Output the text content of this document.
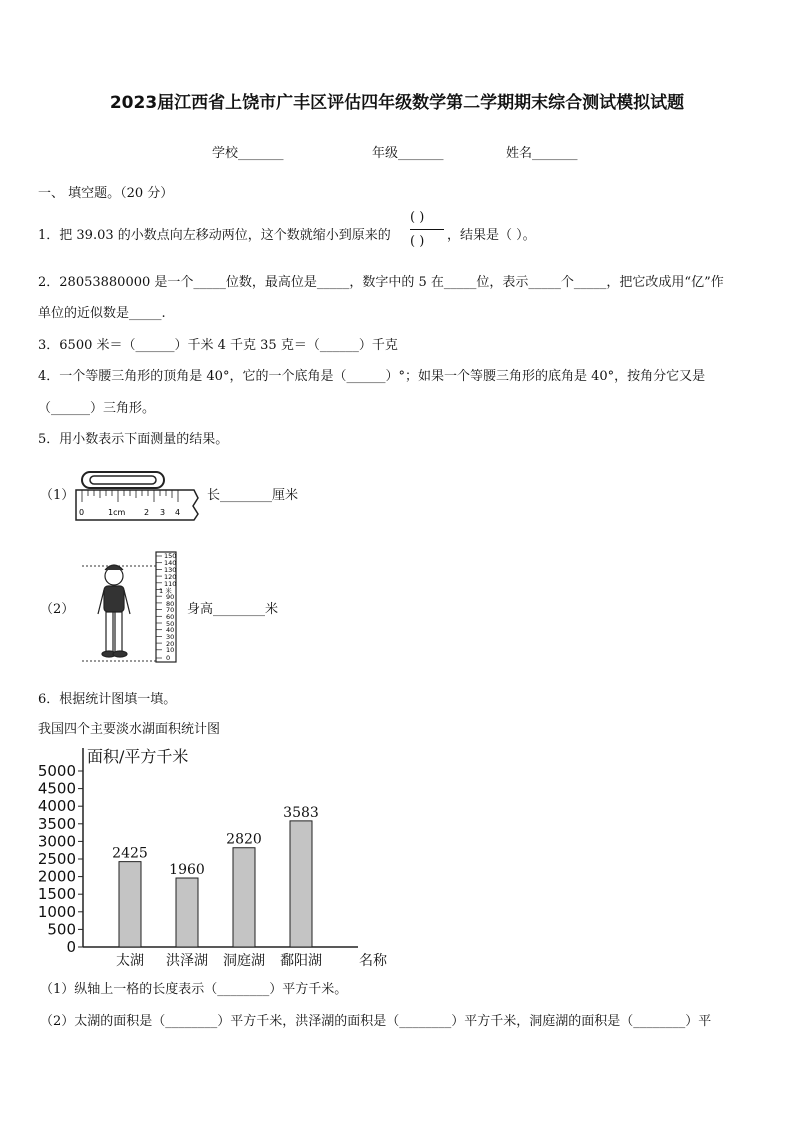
2023届江西省上饶市广丰区评估四年级数学第二学期期末综合测试模拟试题
学校_______	年级_______	姓名_______
一、 填空题。（20 分）
1．把 39.03 的小数点向左移动两位，这个数就缩小到原来的
( )
( ) ，结果是（ ）。
2．28053880000 是一个_____位数，最高位是_____，数字中的 5 在_____位，表示_____个_____，把它改成用“亿”作
单位的近似数是_____.
3．6500 米＝（______）千米 4 千克 35 克＝（______）千克
4．一个等腰三角形的顶角是 40°，它的一个底角是（______）°；如果一个等腰三角形的底角是 40°，按角分它又是
（______）三角形。
5．用小数表示下面测量的结果。
（1）
0	1cm 2 3 4
长________厘米
（2）
150
140
130
120
110
1 米
90
80
70
60
50
40
30
20
10
0
身高________米
6．根据统计图填一填。
我国四个主要淡水湖面积统计图
面积/平方千米
0
500
1000
1500
2000
2500
3000
3500
4000
4500
5000
2425
太湖
1960
洪泽湖
2820
洞庭湖
3583
鄱阳湖	名称
（1）纵轴上一格的长度表示（________）平方千米。
（2）太湖的面积是（________）平方千米，洪泽湖的面积是（________）平方千米，洞庭湖的面积是（________）平
